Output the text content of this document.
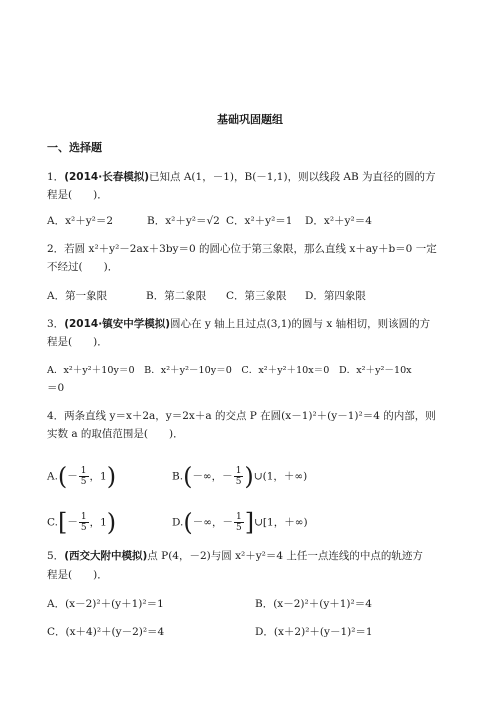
基础巩固题组
一、选择题
1．(2014·长春模拟)已知点 A(1，－1)，B(－1,1)，则以线段 AB 为直径的圆的方
程是(　　)．
A．x²＋y²＝2	B．x²＋y²＝√2 C．x²＋y²＝1 D．x²＋y²＝4
2．若圆 x²＋y²－2ax＋3by＝0 的圆心位于第三象限，那么直线 x＋ay＋b＝0 一定
不经过(　　)．
A．第一象限	B．第二象限 C．第三象限 D．第四象限
3．(2014·镇安中学模拟)圆心在 y 轴上且过点(3,1)的圆与 x 轴相切，则该圆的方
程是(　　)．
A．x²＋y²＋10y＝0　B．x²＋y²－10y＝0　C．x²＋y²＋10x＝0　D．x²＋y²－10x
＝0
4．两条直线 y＝x＋2a，y＝2x＋a 的交点 P 在圆(x－1)²＋(y－1)²＝4 的内部，则
实数 a 的取值范围是(　　)．
$A.(- \frac{1}{5}$ ，1)	B.(－∞，－ $\frac{1}{5}$ )∪(1，＋∞)
$C.[- \frac{1}{5}$ ，1)	D.(－∞，－ $\frac{1}{5}$ ]∪[1，＋∞)
5．(西交大附中模拟)点 P(4，－2)与圆 x²＋y²＝4 上任一点连线的中点的轨迹方
程是(　　)．
A．(x－2)²＋(y＋1)²＝1	B．(x－2)²＋(y＋1)²＝4
C．(x＋4)²＋(y－2)²＝4	D．(x＋2)²＋(y－1)²＝1
